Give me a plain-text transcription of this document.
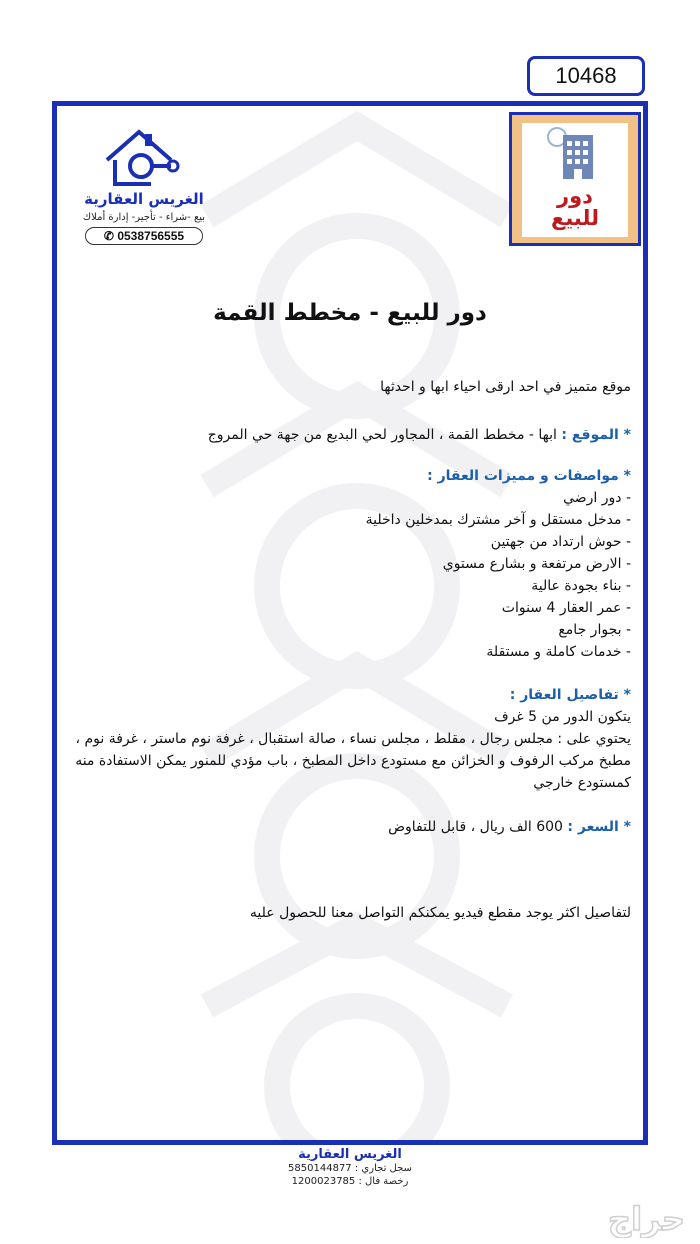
10468
الغريس العقارية
بيع -شراء - تأجير- إدارة أملاك
✆ 0538756555
دور
للبيع
دور للبيع - مخطط القمة
موقع متميز في احد ارقى احياء ابها و احدثها
* الموقع : ابها - مخطط القمة ، المجاور لحي البديع من جهة حي المروج
* مواصفات و مميزات العقار :
- دور ارضي
- مدخل مستقل و آخر مشترك بمدخلين داخلية
- حوش ارتداد من جهتين
- الارض مرتفعة و بشارع مستوي
- بناء بجودة عالية
- عمر العقار 4 سنوات
- بجوار جامع
- خدمات كاملة و مستقلة
* تفاصيل العقار :
يتكون الدور من 5 غرف
يحتوي على : مجلس رجال ، مقلط ، مجلس نساء ، صالة استقبال ، غرفة نوم ماستر ، غرفة نوم ، مطبخ مركب الرفوف و الخزائن مع مستودع داخل المطبخ ، باب مؤدي للمنور يمكن الاستفادة منه كمستودع خارجي
* السعر : 600 الف ريال ، قابل للتفاوض
لتفاصيل اكثر يوجد مقطع فيديو يمكنكم التواصل معنا للحصول عليه
الغريس العقارية
سجل تجاري : 5850144877
رخصة فال : 1200023785
حراج
